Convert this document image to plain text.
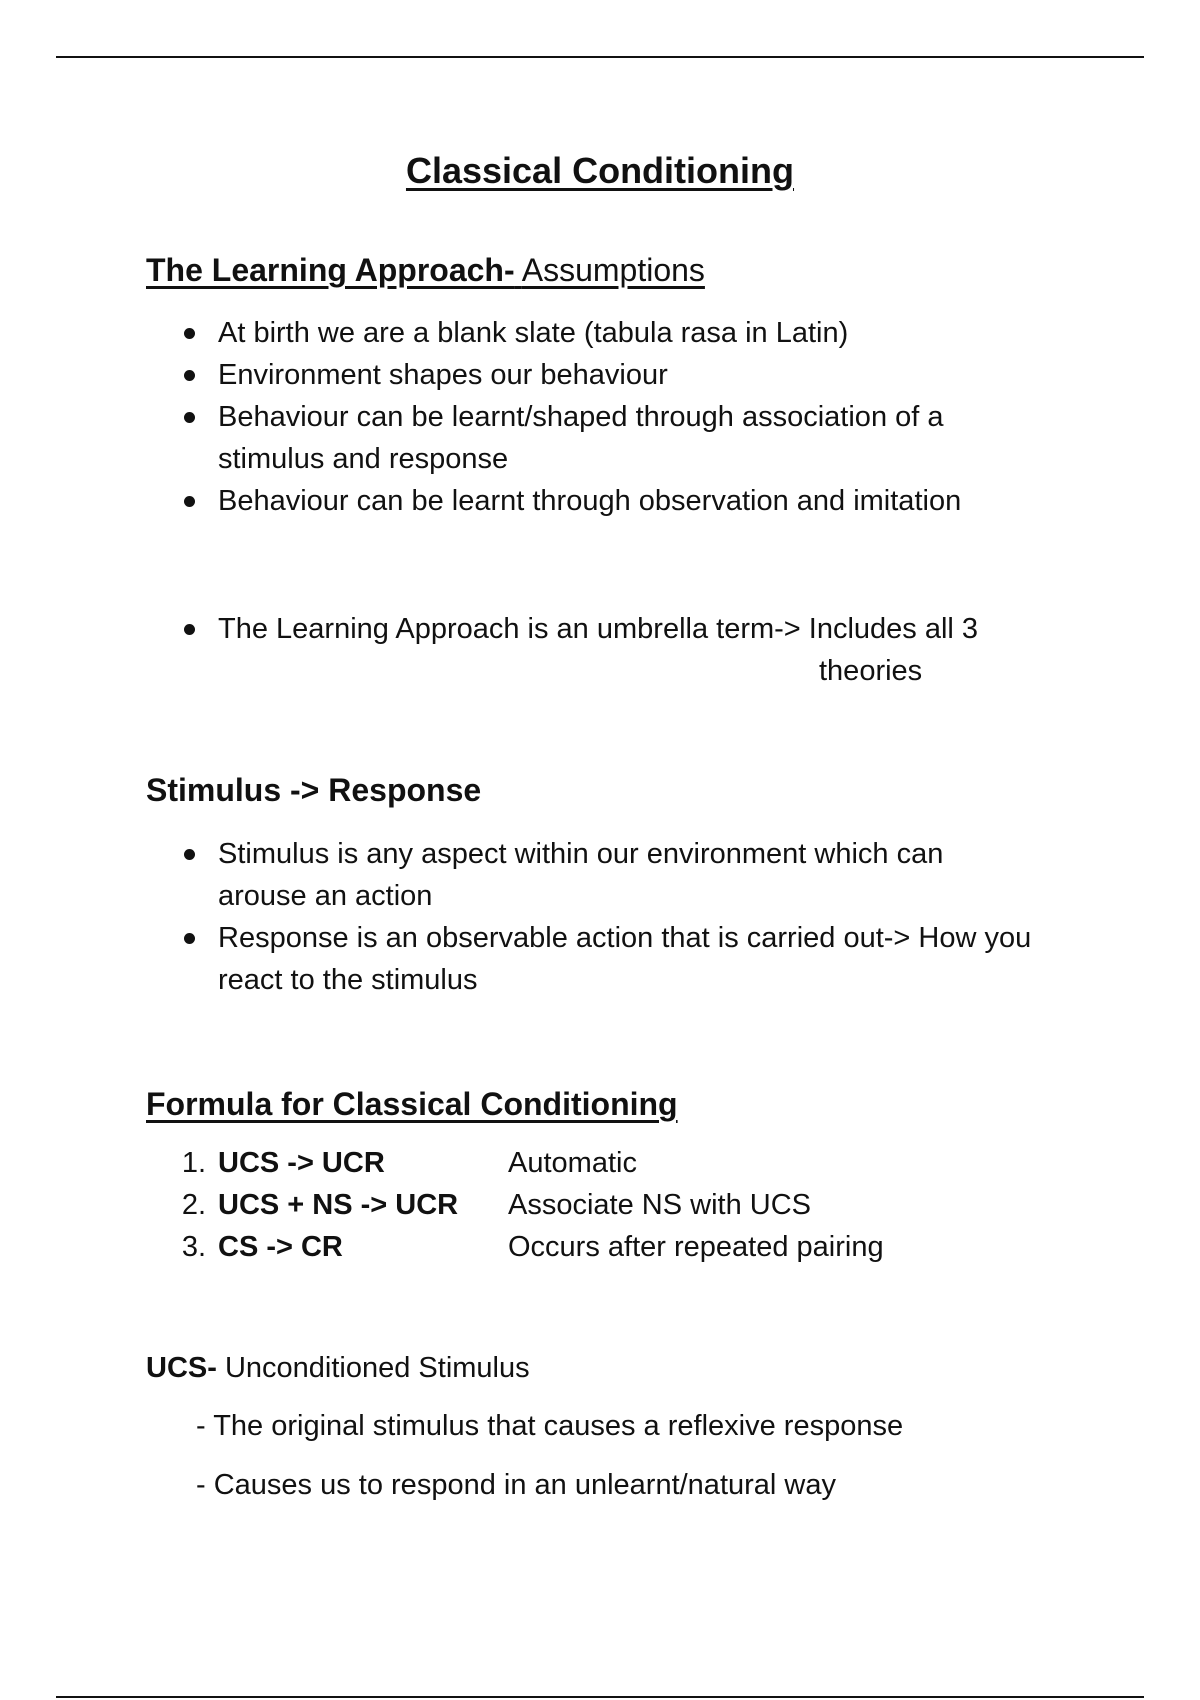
Classical Conditioning
The Learning Approach- Assumptions
At birth we are a blank slate (tabula rasa in Latin)
Environment shapes our behaviour
Behaviour can be learnt/shaped through association of a
stimulus and response
Behaviour can be learnt through observation and imitation
The Learning Approach is an umbrella term-> Includes all 3
theories
Stimulus -> Response
Stimulus is any aspect within our environment which can
arouse an action
Response is an observable action that is carried out-> How you
react to the stimulus
Formula for Classical Conditioning
1. UCS -> UCR	Automatic
2. UCS + NS -> UCR	Associate NS with UCS
3. CS -> CR	Occurs after repeated pairing
UCS- Unconditioned Stimulus
- The original stimulus that causes a reflexive response
- Causes us to respond in an unlearnt/natural way
